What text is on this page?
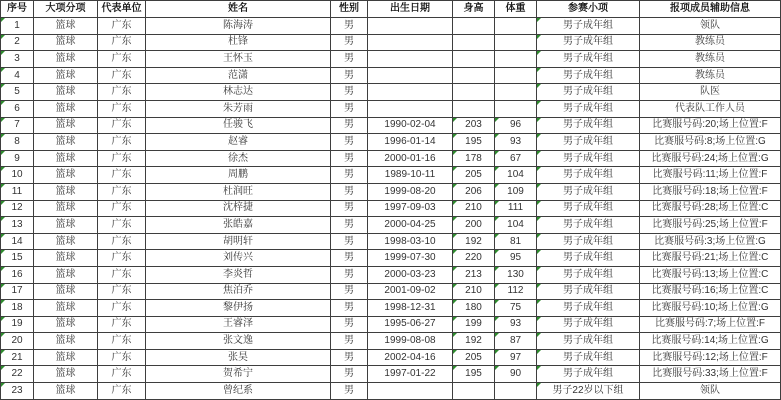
序号	大项分项	代表单位	姓名	性别	出生日期	身高	体重	参赛小项	报项成员辅助信息

1	篮球	广东	陈海涛	男				男子成年组	领队

2	篮球	广东	杜锋	男				男子成年组	教练员

3	篮球	广东	王怀玉	男				男子成年组	教练员

4	篮球	广东	范潇	男				男子成年组	教练员

5	篮球	广东	林志达	男				男子成年组	队医

6	篮球	广东	朱芳雨	男				男子成年组	代表队工作人员

7	篮球	广东	任骏飞	男	1990-02-04	203	96	男子成年组	比赛服号码:20;场上位置:F

8	篮球	广东	赵睿	男	1996-01-14	195	93	男子成年组	比赛服号码:8;场上位置:G

9	篮球	广东	徐杰	男	2000-01-16	178	67	男子成年组	比赛服号码:24;场上位置:G

10	篮球	广东	周鹏	男	1989-10-11	205	104	男子成年组	比赛服号码:11;场上位置:F

11	篮球	广东	杜润旺	男	1999-08-20	206	109	男子成年组	比赛服号码:18;场上位置:F

12	篮球	广东	沈梓捷	男	1997-09-03	210	111	男子成年组	比赛服号码:28;场上位置:C

13	篮球	广东	张皓嘉	男	2000-04-25	200	104	男子成年组	比赛服号码:25;场上位置:F

14	篮球	广东	胡明轩	男	1998-03-10	192	81	男子成年组	比赛服号码:3;场上位置:G

15	篮球	广东	刘传兴	男	1999-07-30	220	95	男子成年组	比赛服号码:21;场上位置:C

16	篮球	广东	李炎哲	男	2000-03-23	213	130	男子成年组	比赛服号码:13;场上位置:C

17	篮球	广东	焦泊乔	男	2001-09-02	210	112	男子成年组	比赛服号码:16;场上位置:C

18	篮球	广东	黎伊扬	男	1998-12-31	180	75	男子成年组	比赛服号码:10;场上位置:G

19	篮球	广东	王睿泽	男	1995-06-27	199	93	男子成年组	比赛服号码:7;场上位置:F

20	篮球	广东	张文逸	男	1999-08-08	192	87	男子成年组	比赛服号码:14;场上位置:G

21	篮球	广东	张昊	男	2002-04-16	205	97	男子成年组	比赛服号码:12;场上位置:F

22	篮球	广东	贺希宁	男	1997-01-22	195	90	男子成年组	比赛服号码:33;场上位置:F

23	篮球	广东	曾纪系	男				男子22岁以下组	领队
